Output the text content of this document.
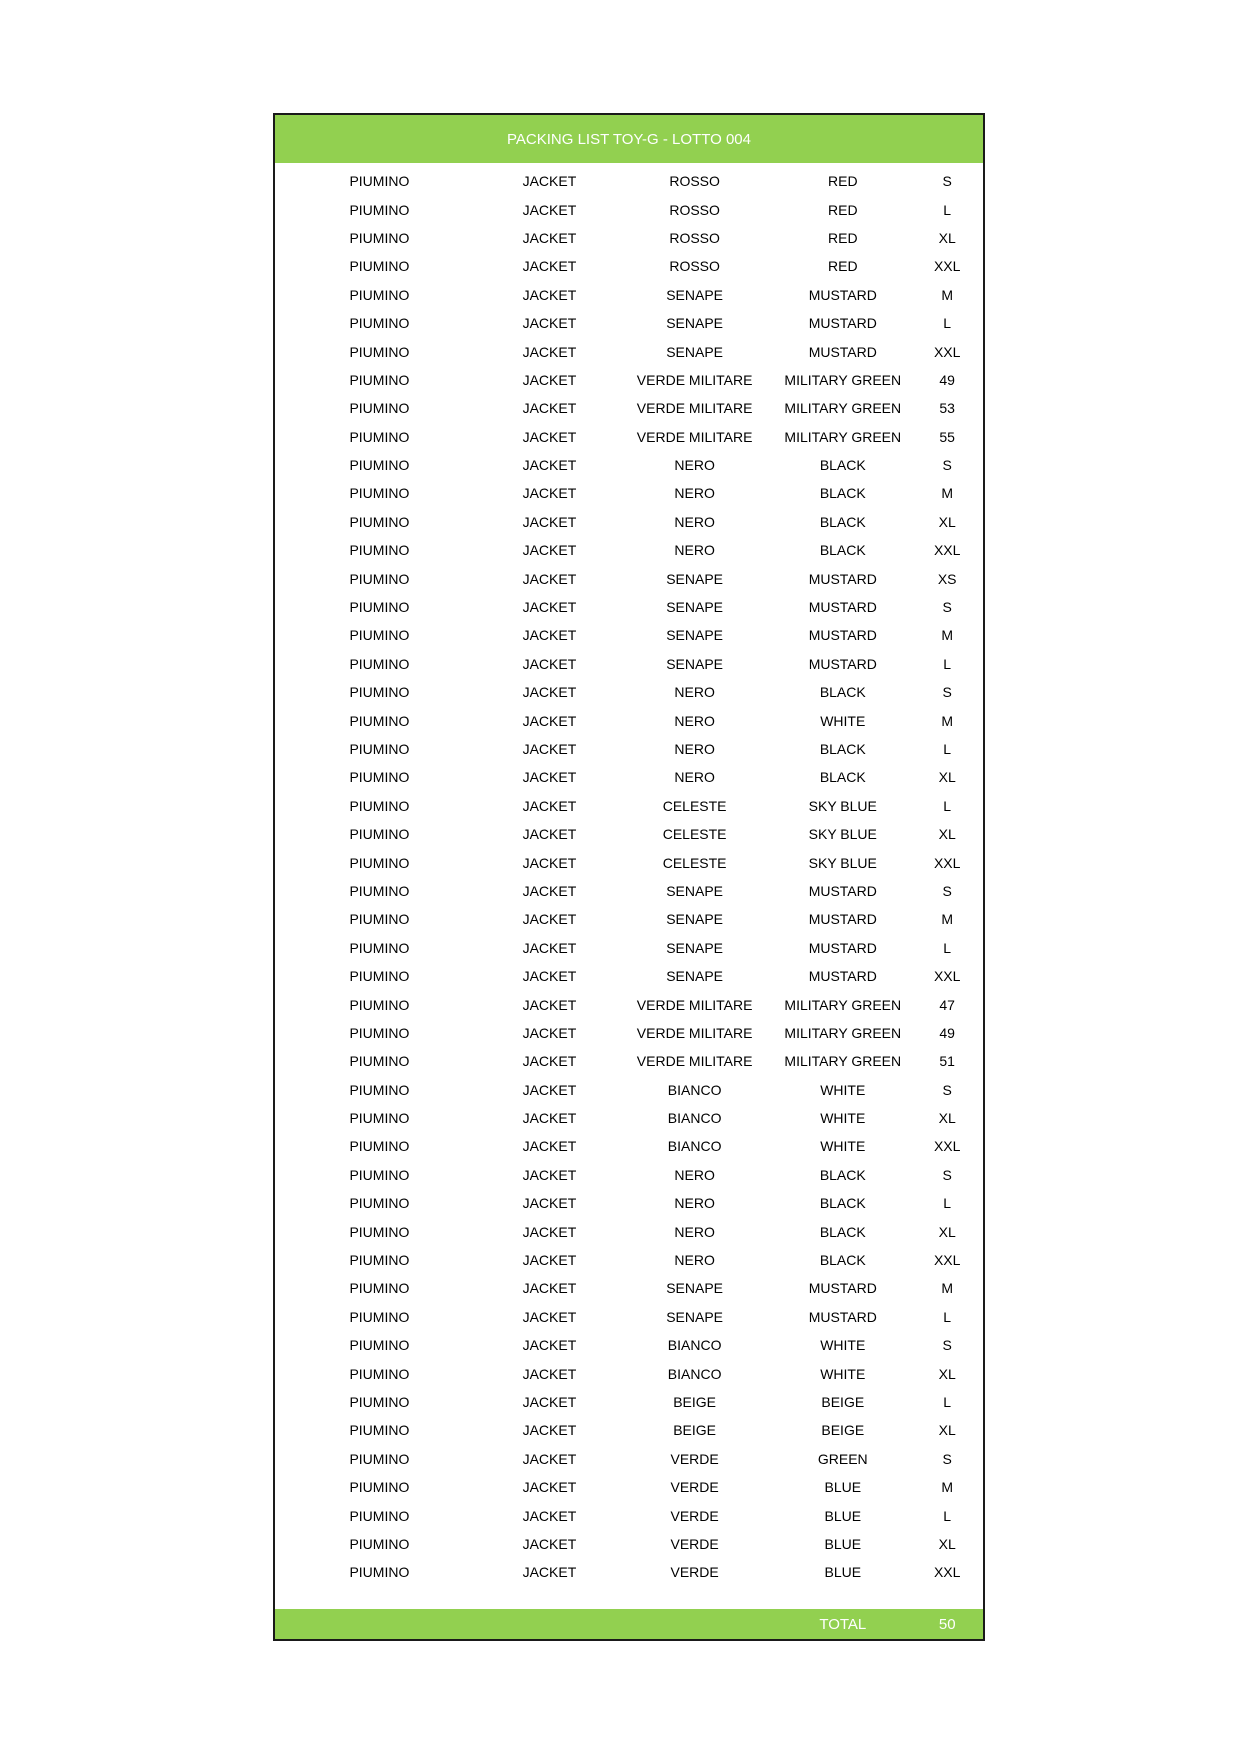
PACKING LIST TOY-G - LOTTO 004
PIUMINO	JACKET	ROSSO	RED	S
PIUMINO	JACKET	ROSSO	RED	L
PIUMINO	JACKET	ROSSO	RED	XL
PIUMINO	JACKET	ROSSO	RED	XXL
PIUMINO	JACKET	SENAPE	MUSTARD	M
PIUMINO	JACKET	SENAPE	MUSTARD	L
PIUMINO	JACKET	SENAPE	MUSTARD	XXL
PIUMINO	JACKET	VERDE MILITARE	MILITARY GREEN	49
PIUMINO	JACKET	VERDE MILITARE	MILITARY GREEN	53
PIUMINO	JACKET	VERDE MILITARE	MILITARY GREEN	55
PIUMINO	JACKET	NERO	BLACK	S
PIUMINO	JACKET	NERO	BLACK	M
PIUMINO	JACKET	NERO	BLACK	XL
PIUMINO	JACKET	NERO	BLACK	XXL
PIUMINO	JACKET	SENAPE	MUSTARD	XS
PIUMINO	JACKET	SENAPE	MUSTARD	S
PIUMINO	JACKET	SENAPE	MUSTARD	M
PIUMINO	JACKET	SENAPE	MUSTARD	L
PIUMINO	JACKET	NERO	BLACK	S
PIUMINO	JACKET	NERO	WHITE	M
PIUMINO	JACKET	NERO	BLACK	L
PIUMINO	JACKET	NERO	BLACK	XL
PIUMINO	JACKET	CELESTE	SKY BLUE	L
PIUMINO	JACKET	CELESTE	SKY BLUE	XL
PIUMINO	JACKET	CELESTE	SKY BLUE	XXL
PIUMINO	JACKET	SENAPE	MUSTARD	S
PIUMINO	JACKET	SENAPE	MUSTARD	M
PIUMINO	JACKET	SENAPE	MUSTARD	L
PIUMINO	JACKET	SENAPE	MUSTARD	XXL
PIUMINO	JACKET	VERDE MILITARE	MILITARY GREEN	47
PIUMINO	JACKET	VERDE MILITARE	MILITARY GREEN	49
PIUMINO	JACKET	VERDE MILITARE	MILITARY GREEN	51
PIUMINO	JACKET	BIANCO	WHITE	S
PIUMINO	JACKET	BIANCO	WHITE	XL
PIUMINO	JACKET	BIANCO	WHITE	XXL
PIUMINO	JACKET	NERO	BLACK	S
PIUMINO	JACKET	NERO	BLACK	L
PIUMINO	JACKET	NERO	BLACK	XL
PIUMINO	JACKET	NERO	BLACK	XXL
PIUMINO	JACKET	SENAPE	MUSTARD	M
PIUMINO	JACKET	SENAPE	MUSTARD	L
PIUMINO	JACKET	BIANCO	WHITE	S
PIUMINO	JACKET	BIANCO	WHITE	XL
PIUMINO	JACKET	BEIGE	BEIGE	L
PIUMINO	JACKET	BEIGE	BEIGE	XL
PIUMINO	JACKET	VERDE	GREEN	S
PIUMINO	JACKET	VERDE	BLUE	M
PIUMINO	JACKET	VERDE	BLUE	L
PIUMINO	JACKET	VERDE	BLUE	XL
PIUMINO	JACKET	VERDE	BLUE	XXL
TOTAL	50
